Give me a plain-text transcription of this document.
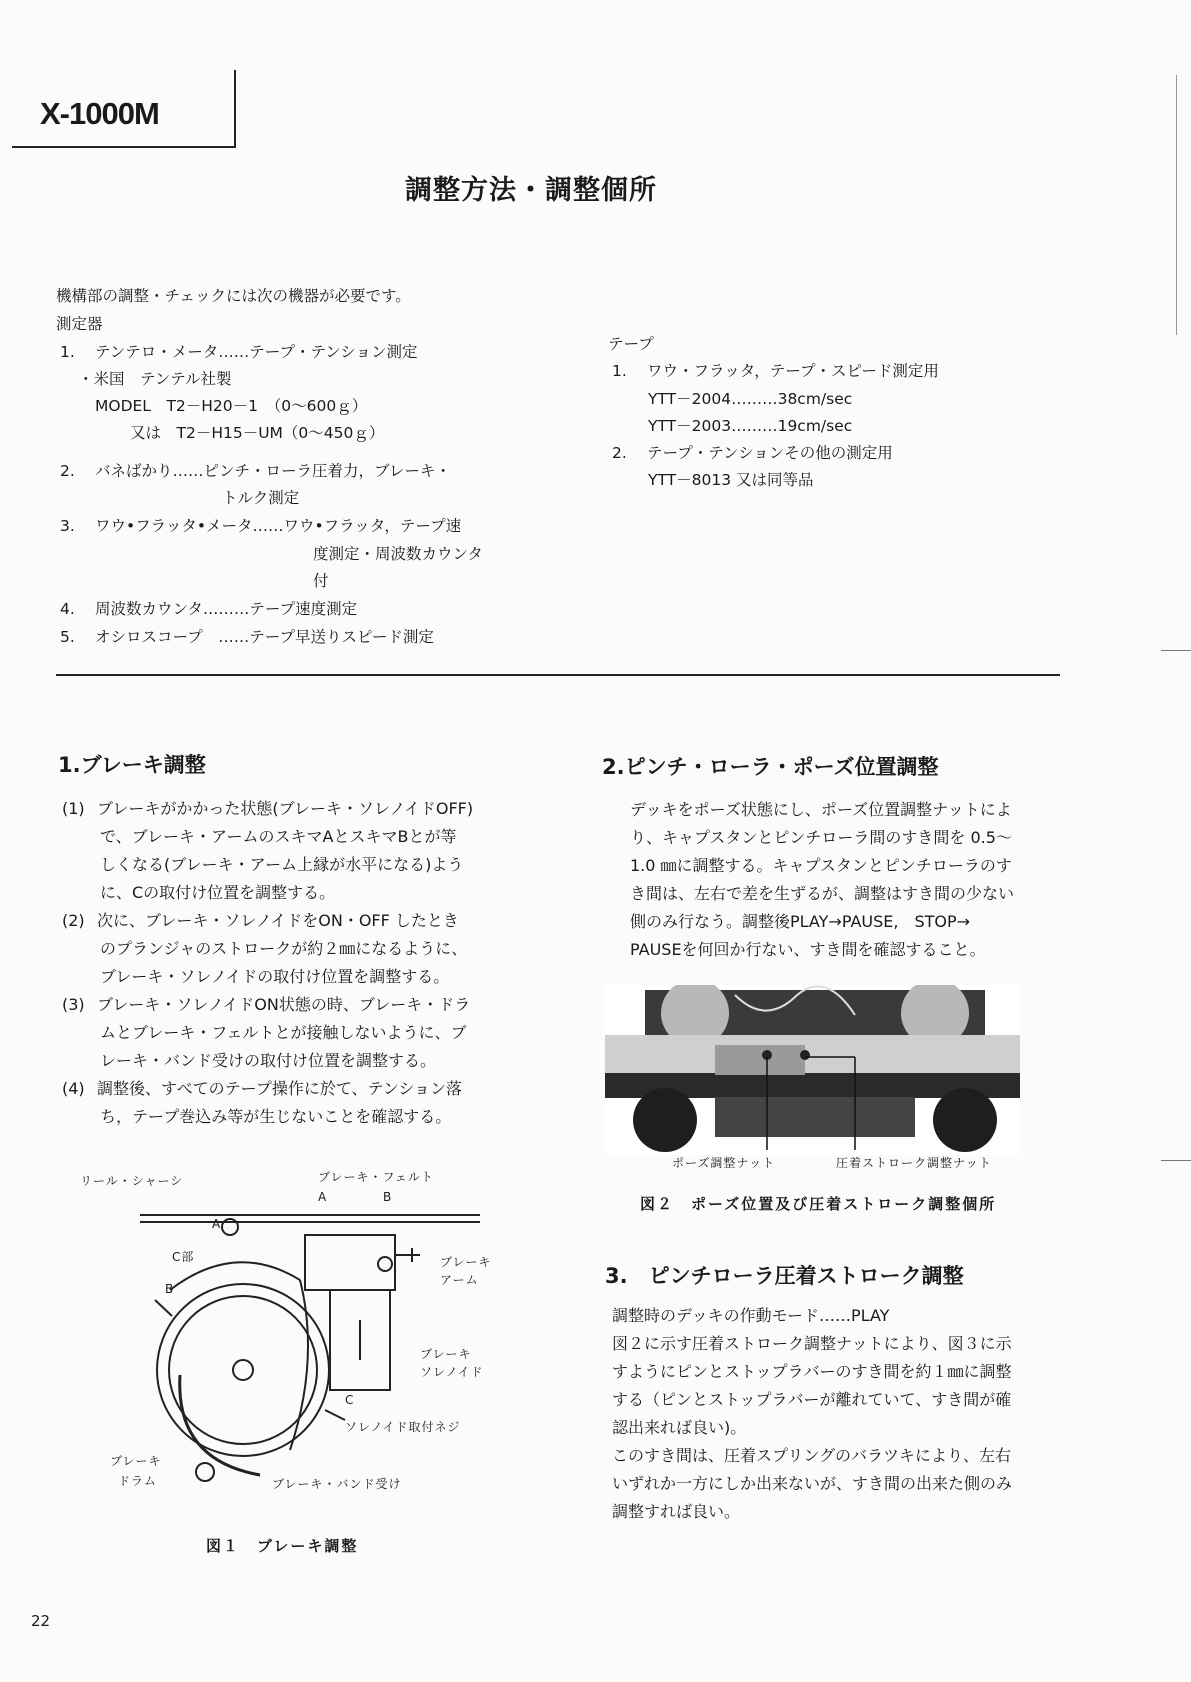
X-1000M
調整方法・調整個所
機構部の調整・チェックには次の機器が必要です。
測定器
1. テンテロ・メータ……テープ・テンション測定
・米国　テンテル社製
MODEL　T2－H20－1　（0～600ｇ）
又は　T2－H15－UM（0～450ｇ）
2. バネばかり……ピンチ・ローラ圧着力，ブレーキ・
トルク測定
3. ワウ•フラッタ•メータ……ワウ•フラッタ，テープ速
度測定・周波数カウンタ
付
4. 周波数カウンタ………テープ速度測定
5. オシロスコープ　……テープ早送りスピード測定
テープ
1. ワウ・フラッタ，テープ・スピード測定用
YTT－2004………38cm/sec
YTT－2003………19cm/sec
2. テープ・テンションその他の測定用
YTT－8013 又は同等品
1.ブレーキ調整
(1) ブレーキがかかった状態(ブレーキ・ソレノイドOFF)
で、ブレーキ・アームのスキマAとスキマBとが等
しくなる(ブレーキ・アーム上縁が水平になる)よう
に、Cの取付け位置を調整する。
(2) 次に、ブレーキ・ソレノイドをON・OFF したとき
のプランジャのストロークが約２㎜になるように、
ブレーキ・ソレノイドの取付け位置を調整する。
(3) ブレーキ・ソレノイドON状態の時、ブレーキ・ドラ
ムとブレーキ・フェルトとが接触しないように、ブ
レーキ・バンド受けの取付け位置を調整する。
(4) 調整後、すべてのテープ操作に於て、テンション落
ち，テープ巻込み等が生じないことを確認する。
リール・シャーシ	ブレーキ・フェルト
A	B
A
C部
B
ブレーキ
アーム
ブレーキ
ソレノイド
C
ソレノイド取付ネジ
ブレーキ
ドラム	ブレーキ・バンド受け
図１　ブレーキ調整
2.ピンチ・ローラ・ポーズ位置調整
デッキをポーズ状態にし、ポーズ位置調整ナットによ
り、キャプスタンとピンチローラ間のすき間を 0.5～
1.0 ㎜に調整する。キャプスタンとピンチローラのす
き間は、左右で差を生ずるが、調整はすき間の少ない
側のみ行なう。調整後PLAY→PAUSE,　STOP→
PAUSEを何回か行ない、すき間を確認すること。
ポーズ調整ナット	圧着ストローク調整ナット
図２　ポーズ位置及び圧着ストローク調整個所
3.　ピンチローラ圧着ストローク調整
調整時のデッキの作動モード……PLAY
図２に示す圧着ストローク調整ナットにより、図３に示
すようにピンとストップラバーのすき間を約１㎜に調整
する（ピンとストップラバーが離れていて、すき間が確
認出来れば良い)。
このすき間は、圧着スプリングのバラツキにより、左右
いずれか一方にしか出来ないが、すき間の出来た側のみ
調整すれば良い。
22
